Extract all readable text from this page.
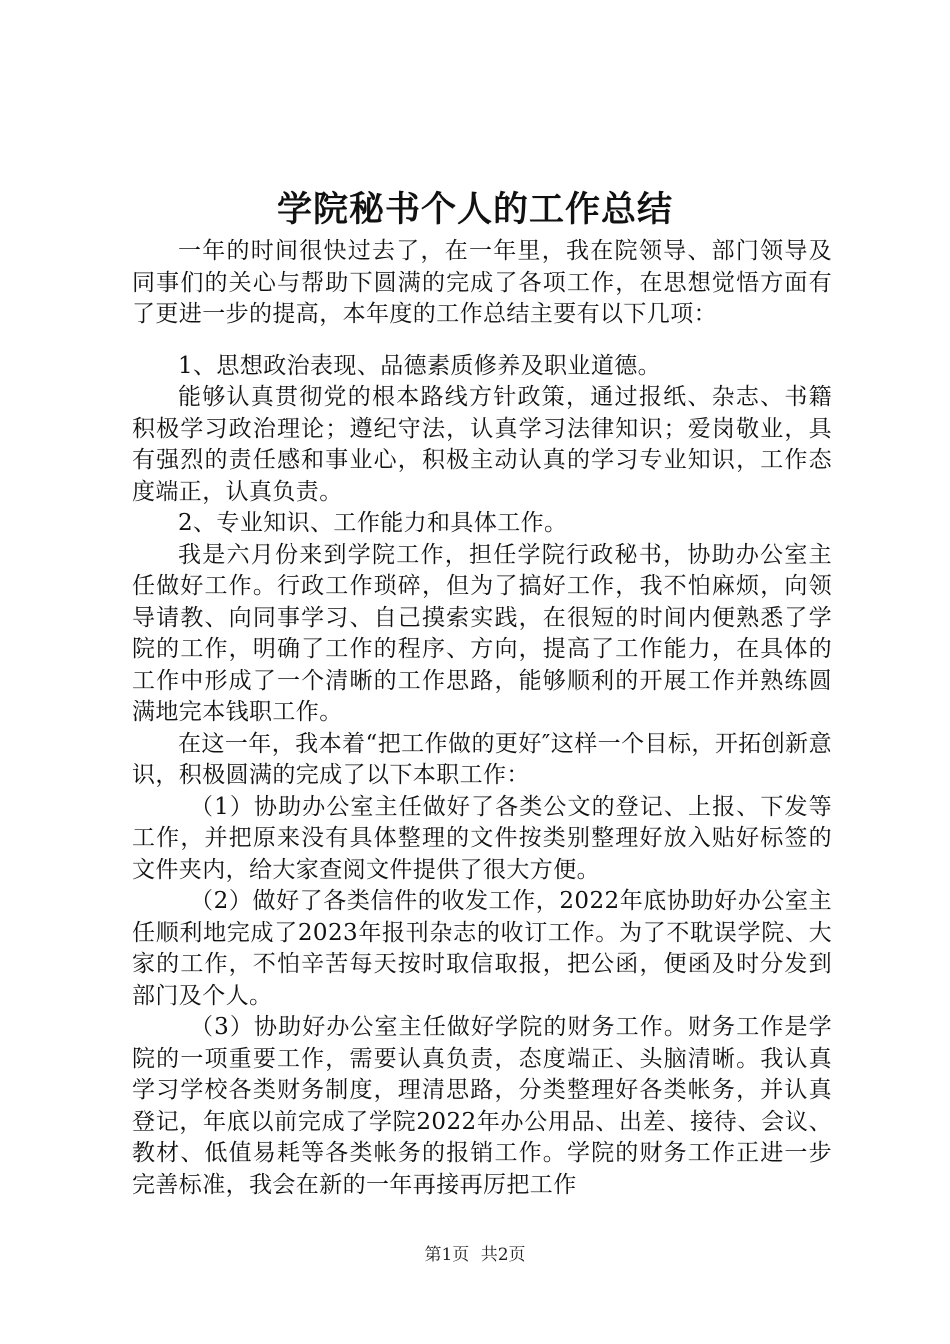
学院秘书个人的工作总结

一年的时间很快过去了，在一年里，我在院领导、部门领导及同事们的关心与帮助下圆满的完成了各项工作，在思想觉悟方面有了更进一步的提高，本年度的工作总结主要有以下几项：

1、思想政治表现、品德素质修养及职业道德。

能够认真贯彻党的根本路线方针政策，通过报纸、杂志、书籍积极学习政治理论；遵纪守法，认真学习法律知识；爱岗敬业，具有强烈的责任感和事业心，积极主动认真的学习专业知识，工作态度端正，认真负责。

2、专业知识、工作能力和具体工作。

我是六月份来到学院工作，担任学院行政秘书，协助办公室主任做好工作。行政工作琐碎，但为了搞好工作，我不怕麻烦，向领导请教、向同事学习、自己摸索实践，在很短的时间内便熟悉了学院的工作，明确了工作的程序、方向，提高了工作能力，在具体的工作中形成了一个清晰的工作思路，能够顺利的开展工作并熟练圆满地完本钱职工作。

在这一年，我本着“把工作做的更好″这样一个目标，开拓创新意识，积极圆满的完成了以下本职工作：

（1）协助办公室主任做好了各类公文的登记、上报、下发等工作，并把原来没有具体整理的文件按类别整理好放入贴好标签的文件夹内，给大家查阅文件提供了很大方便。

（2）做好了各类信件的收发工作，2022年底协助好办公室主任顺利地完成了2023年报刊杂志的收订工作。为了不耽误学院、大家的工作，不怕辛苦每天按时取信取报，把公函，便函及时分发到部门及个人。

（3）协助好办公室主任做好学院的财务工作。财务工作是学院的一项重要工作，需要认真负责，态度端正、头脑清晰。我认真学习学校各类财务制度，理清思路，分类整理好各类帐务，并认真登记，年底以前完成了学院2022年办公用品、出差、接待、会议、教材、低值易耗等各类帐务的报销工作。学院的财务工作正进一步完善标准，我会在新的一年再接再厉把工作

第1页 共2页
